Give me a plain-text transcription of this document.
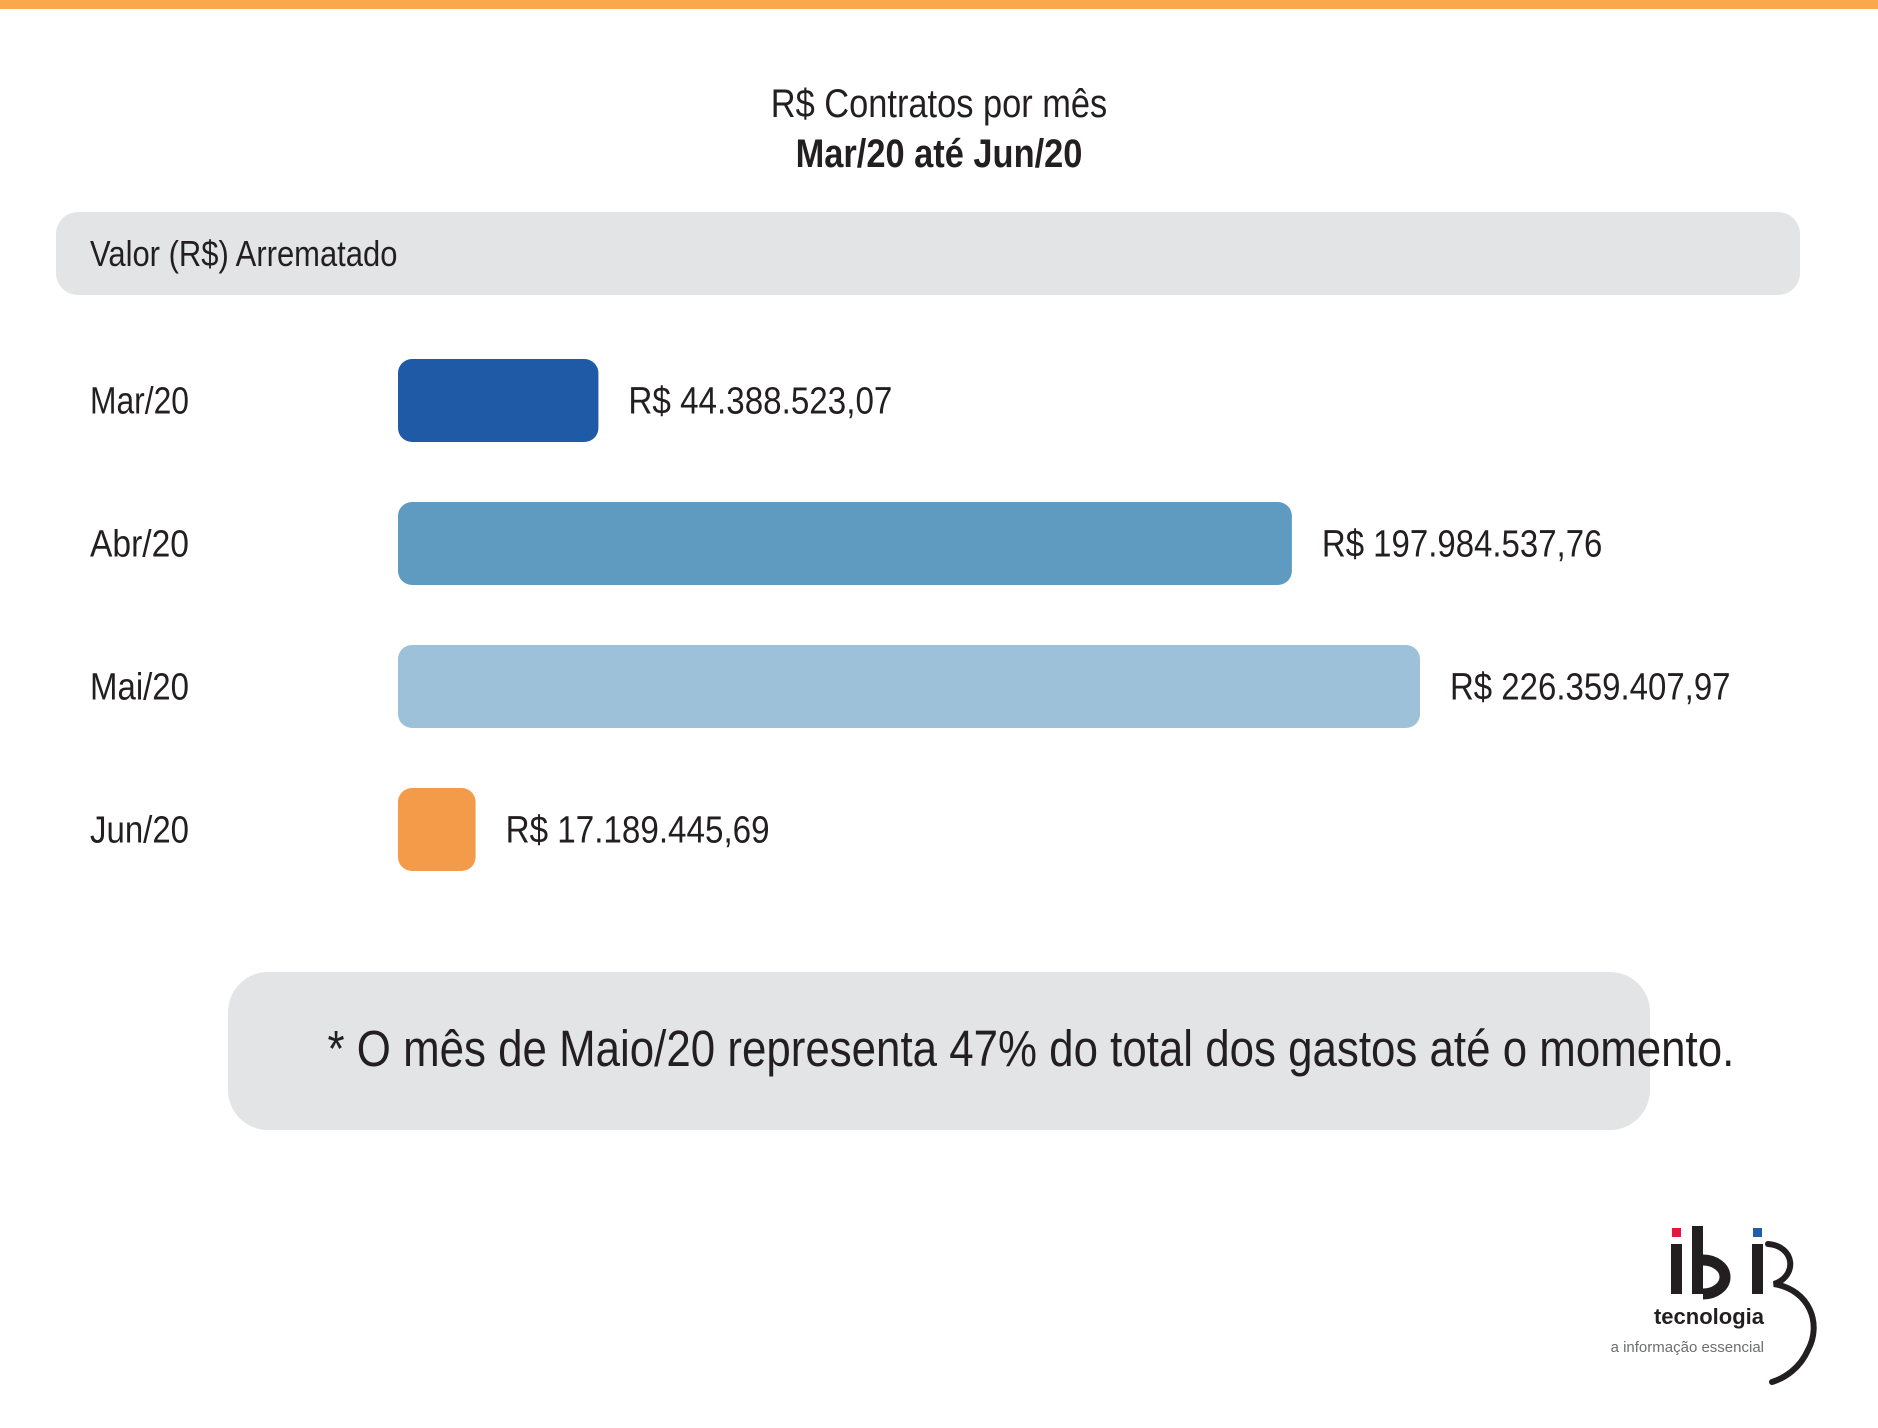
R$ Contratos por mês
Mar/20 até Jun/20
Valor (R$) Arrematado
Mar/20	R$ 44.388.523,07
Abr/20	R$ 197.984.537,76
Mai/20	R$ 226.359.407,97
Jun/20	R$ 17.189.445,69
* O mês de Maio/20 representa 47% do total dos gastos até o momento.
tecnologia
a informação essencial
